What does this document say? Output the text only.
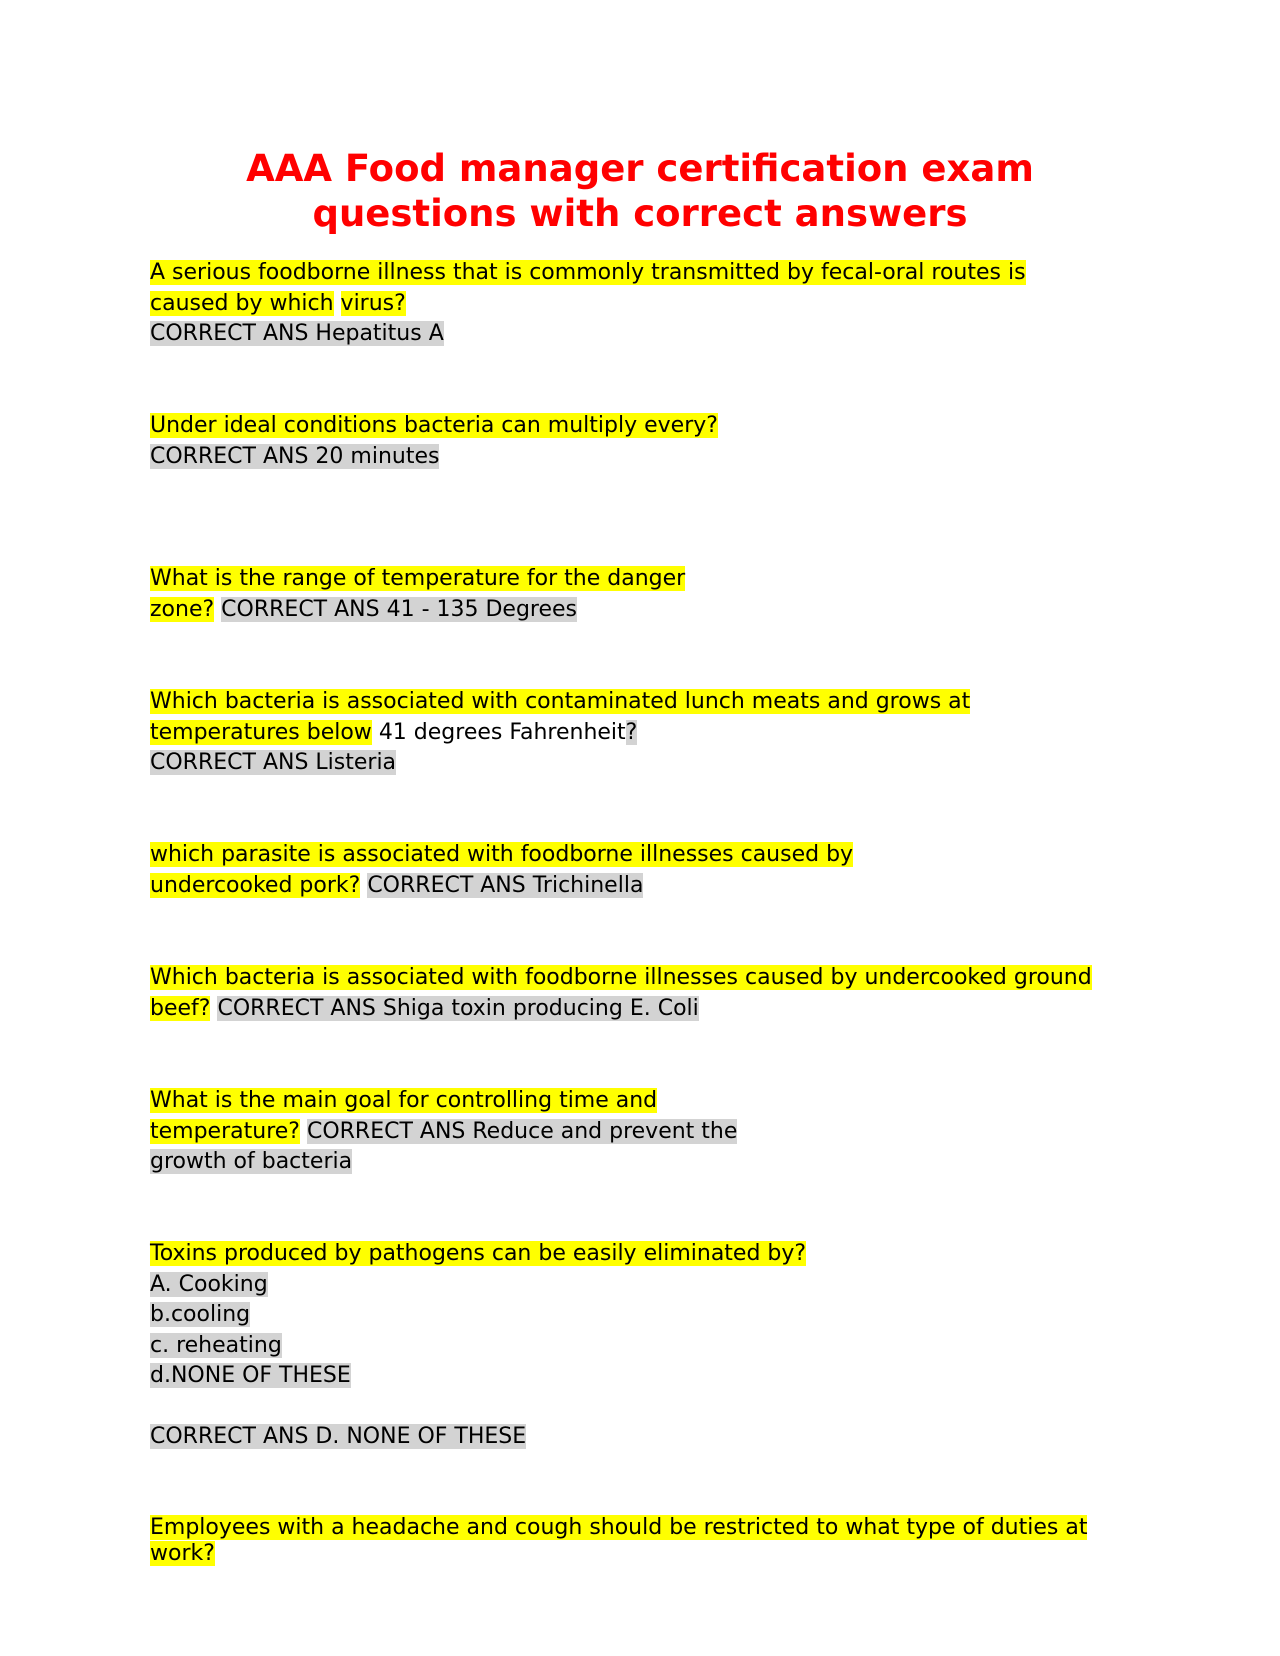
AAA Food manager certification exam
questions with correct answers
A serious foodborne illness that is commonly transmitted by fecal-oral routes is
caused by which virus?
CORRECT ANS Hepatitus A
Under ideal conditions bacteria can multiply every?
CORRECT ANS 20 minutes
What is the range of temperature for the danger
zone? CORRECT ANS 41 - 135 Degrees
Which bacteria is associated with contaminated lunch meats and grows at
temperatures below 41 degrees Fahrenheit?
CORRECT ANS Listeria
which parasite is associated with foodborne illnesses caused by
undercooked pork? CORRECT ANS Trichinella
Which bacteria is associated with foodborne illnesses caused by undercooked ground
beef? CORRECT ANS Shiga toxin producing E. Coli
What is the main goal for controlling time and
temperature? CORRECT ANS Reduce and prevent the
growth of bacteria
Toxins produced by pathogens can be easily eliminated by?
A. Cooking
b.cooling
c. reheating
d.NONE OF THESE

CORRECT ANS D. NONE OF THESE
Employees with a headache and cough should be restricted to what type of duties at
work?
